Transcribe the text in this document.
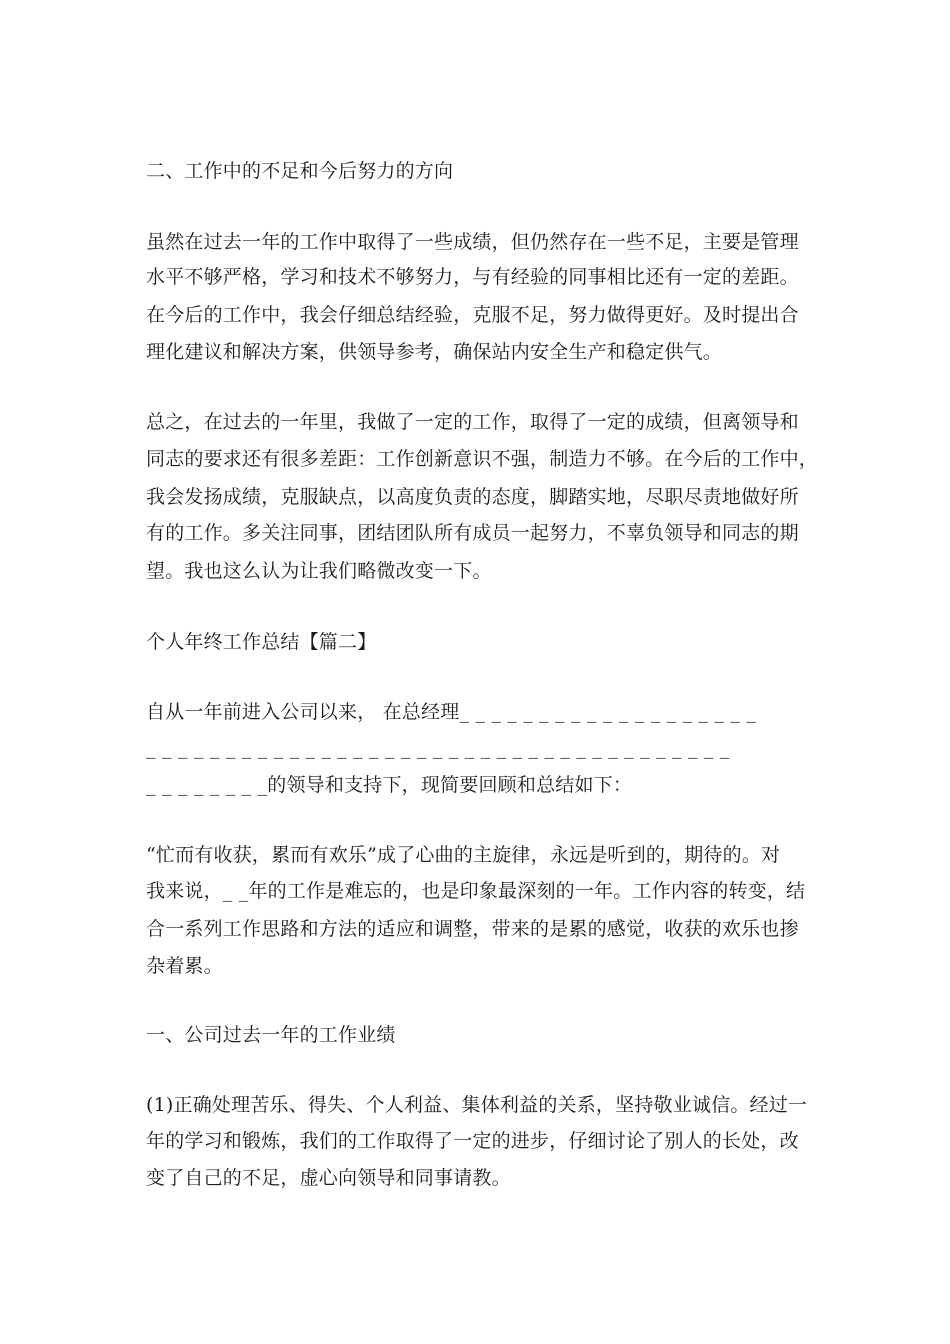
二、工作中的不足和今后努力的方向
虽然在过去一年的工作中取得了一些成绩，但仍然存在一些不足，主要是管理
水平不够严格，学习和技术不够努力，与有经验的同事相比还有一定的差距。
在今后的工作中，我会仔细总结经验，克服不足，努力做得更好。及时提出合
理化建议和解决方案，供领导参考，确保站内安全生产和稳定供气。
总之，在过去的一年里，我做了一定的工作，取得了一定的成绩，但离领导和
同志的要求还有很多差距：工作创新意识不强，制造力不够。在今后的工作中，
我会发扬成绩，克服缺点，以高度负责的态度，脚踏实地，尽职尽责地做好所
有的工作。多关注同事，团结团队所有成员一起努力，不辜负领导和同志的期
望。我也这么认为让我们略微改变一下。
个人年终工作总结【篇二】
自从一年前进入公司以来， 在总经理_ _ _ _ _ _ _ _ _ _ _ _ _ _ _ _ _ _ _
_ _ _ _ _ _ _ _ _ _ _ _ _ _ _ _ _ _ _ _ _ _ _ _ _ _ _ _ _ _ _ _ _ _ _ _ _
_ _ _ _ _ _ _ _的领导和支持下，现简要回顾和总结如下：
“忙而有收获，累而有欢乐”成了心曲的主旋律，永远是听到的，期待的。对
我来说，_ _年的工作是难忘的，也是印象最深刻的一年。工作内容的转变，结
合一系列工作思路和方法的适应和调整，带来的是累的感觉，收获的欢乐也掺
杂着累。
一、公司过去一年的工作业绩
(1)正确处理苦乐、得失、个人利益、集体利益的关系，坚持敬业诚信。经过一
年的学习和锻炼，我们的工作取得了一定的进步，仔细讨论了别人的长处，改
变了自己的不足，虚心向领导和同事请教。
